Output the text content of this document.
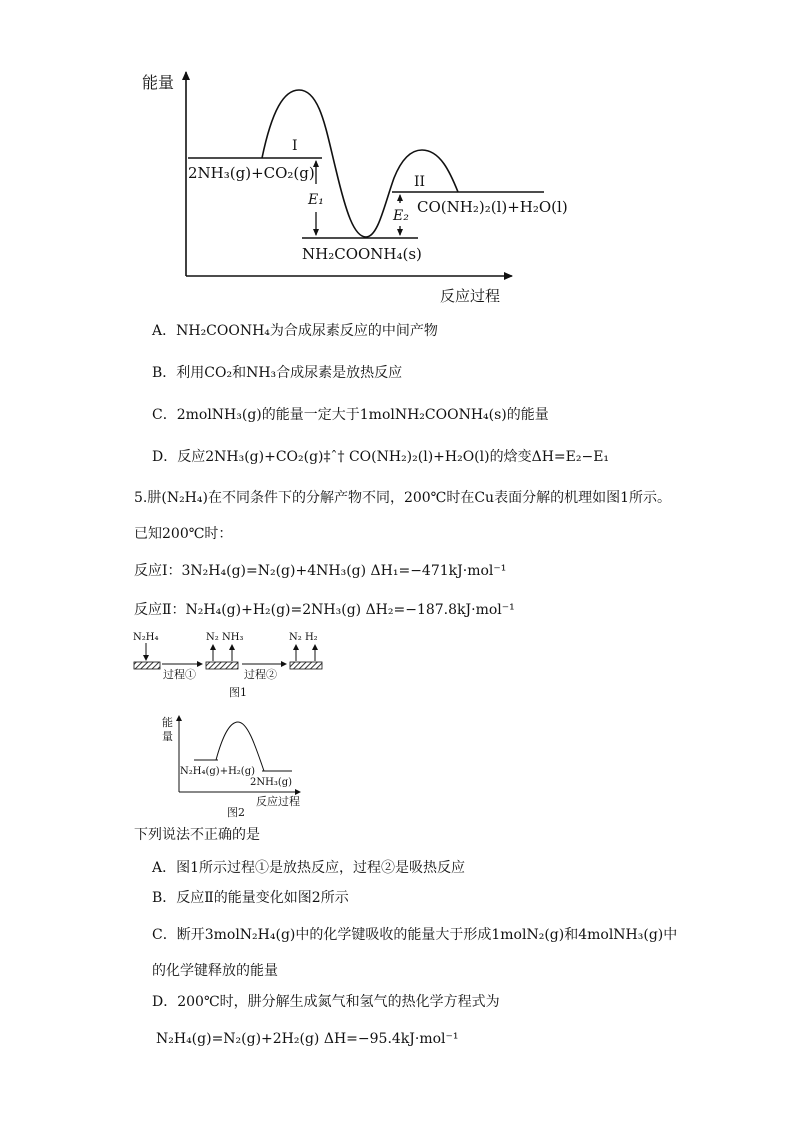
能量
反应过程
I
II
2NH₃(g)+CO₂(g)
NH₂COONH₄(s)
CO(NH₂)₂(l)+H₂O(l)
E₁
E₂
A．NH₂COONH₄为合成尿素反应的中间产物
B．利用CO₂和NH₃合成尿素是放热反应
C．2molNH₃(g)的能量一定大于1molNH₂COONH₄(s)的能量
D．反应2NH₃(g)+CO₂(g)‡ˆ† CO(NH₂)₂(l)+H₂O(l)的焓变ΔH=E₂−E₁
5.肼(N₂H₄)在不同条件下的分解产物不同，200℃时在Cu表面分解的机理如图1所示。
已知200℃时：
反应Ⅰ：3N₂H₄(g)=N₂(g)+4NH₃(g) ΔH₁=−471kJ·mol⁻¹
反应Ⅱ：N₂H₄(g)+H₂(g)=2NH₃(g) ΔH₂=−187.8kJ·mol⁻¹
N₂H₄	N₂ NH₃	N₂ H₂
过程①	过程②
图1
能
量
N₂H₄(g)+H₂(g)
2NH₃(g)
反应过程
图2
下列说法不正确的是
A．图1所示过程①是放热反应，过程②是吸热反应
B．反应Ⅱ的能量变化如图2所示
C．断开3molN₂H₄(g)中的化学键吸收的能量大于形成1molN₂(g)和4molNH₃(g)中
的化学键释放的能量
D．200℃时，肼分解生成氮气和氢气的热化学方程式为
N₂H₄(g)=N₂(g)+2H₂(g) ΔH=−95.4kJ·mol⁻¹
